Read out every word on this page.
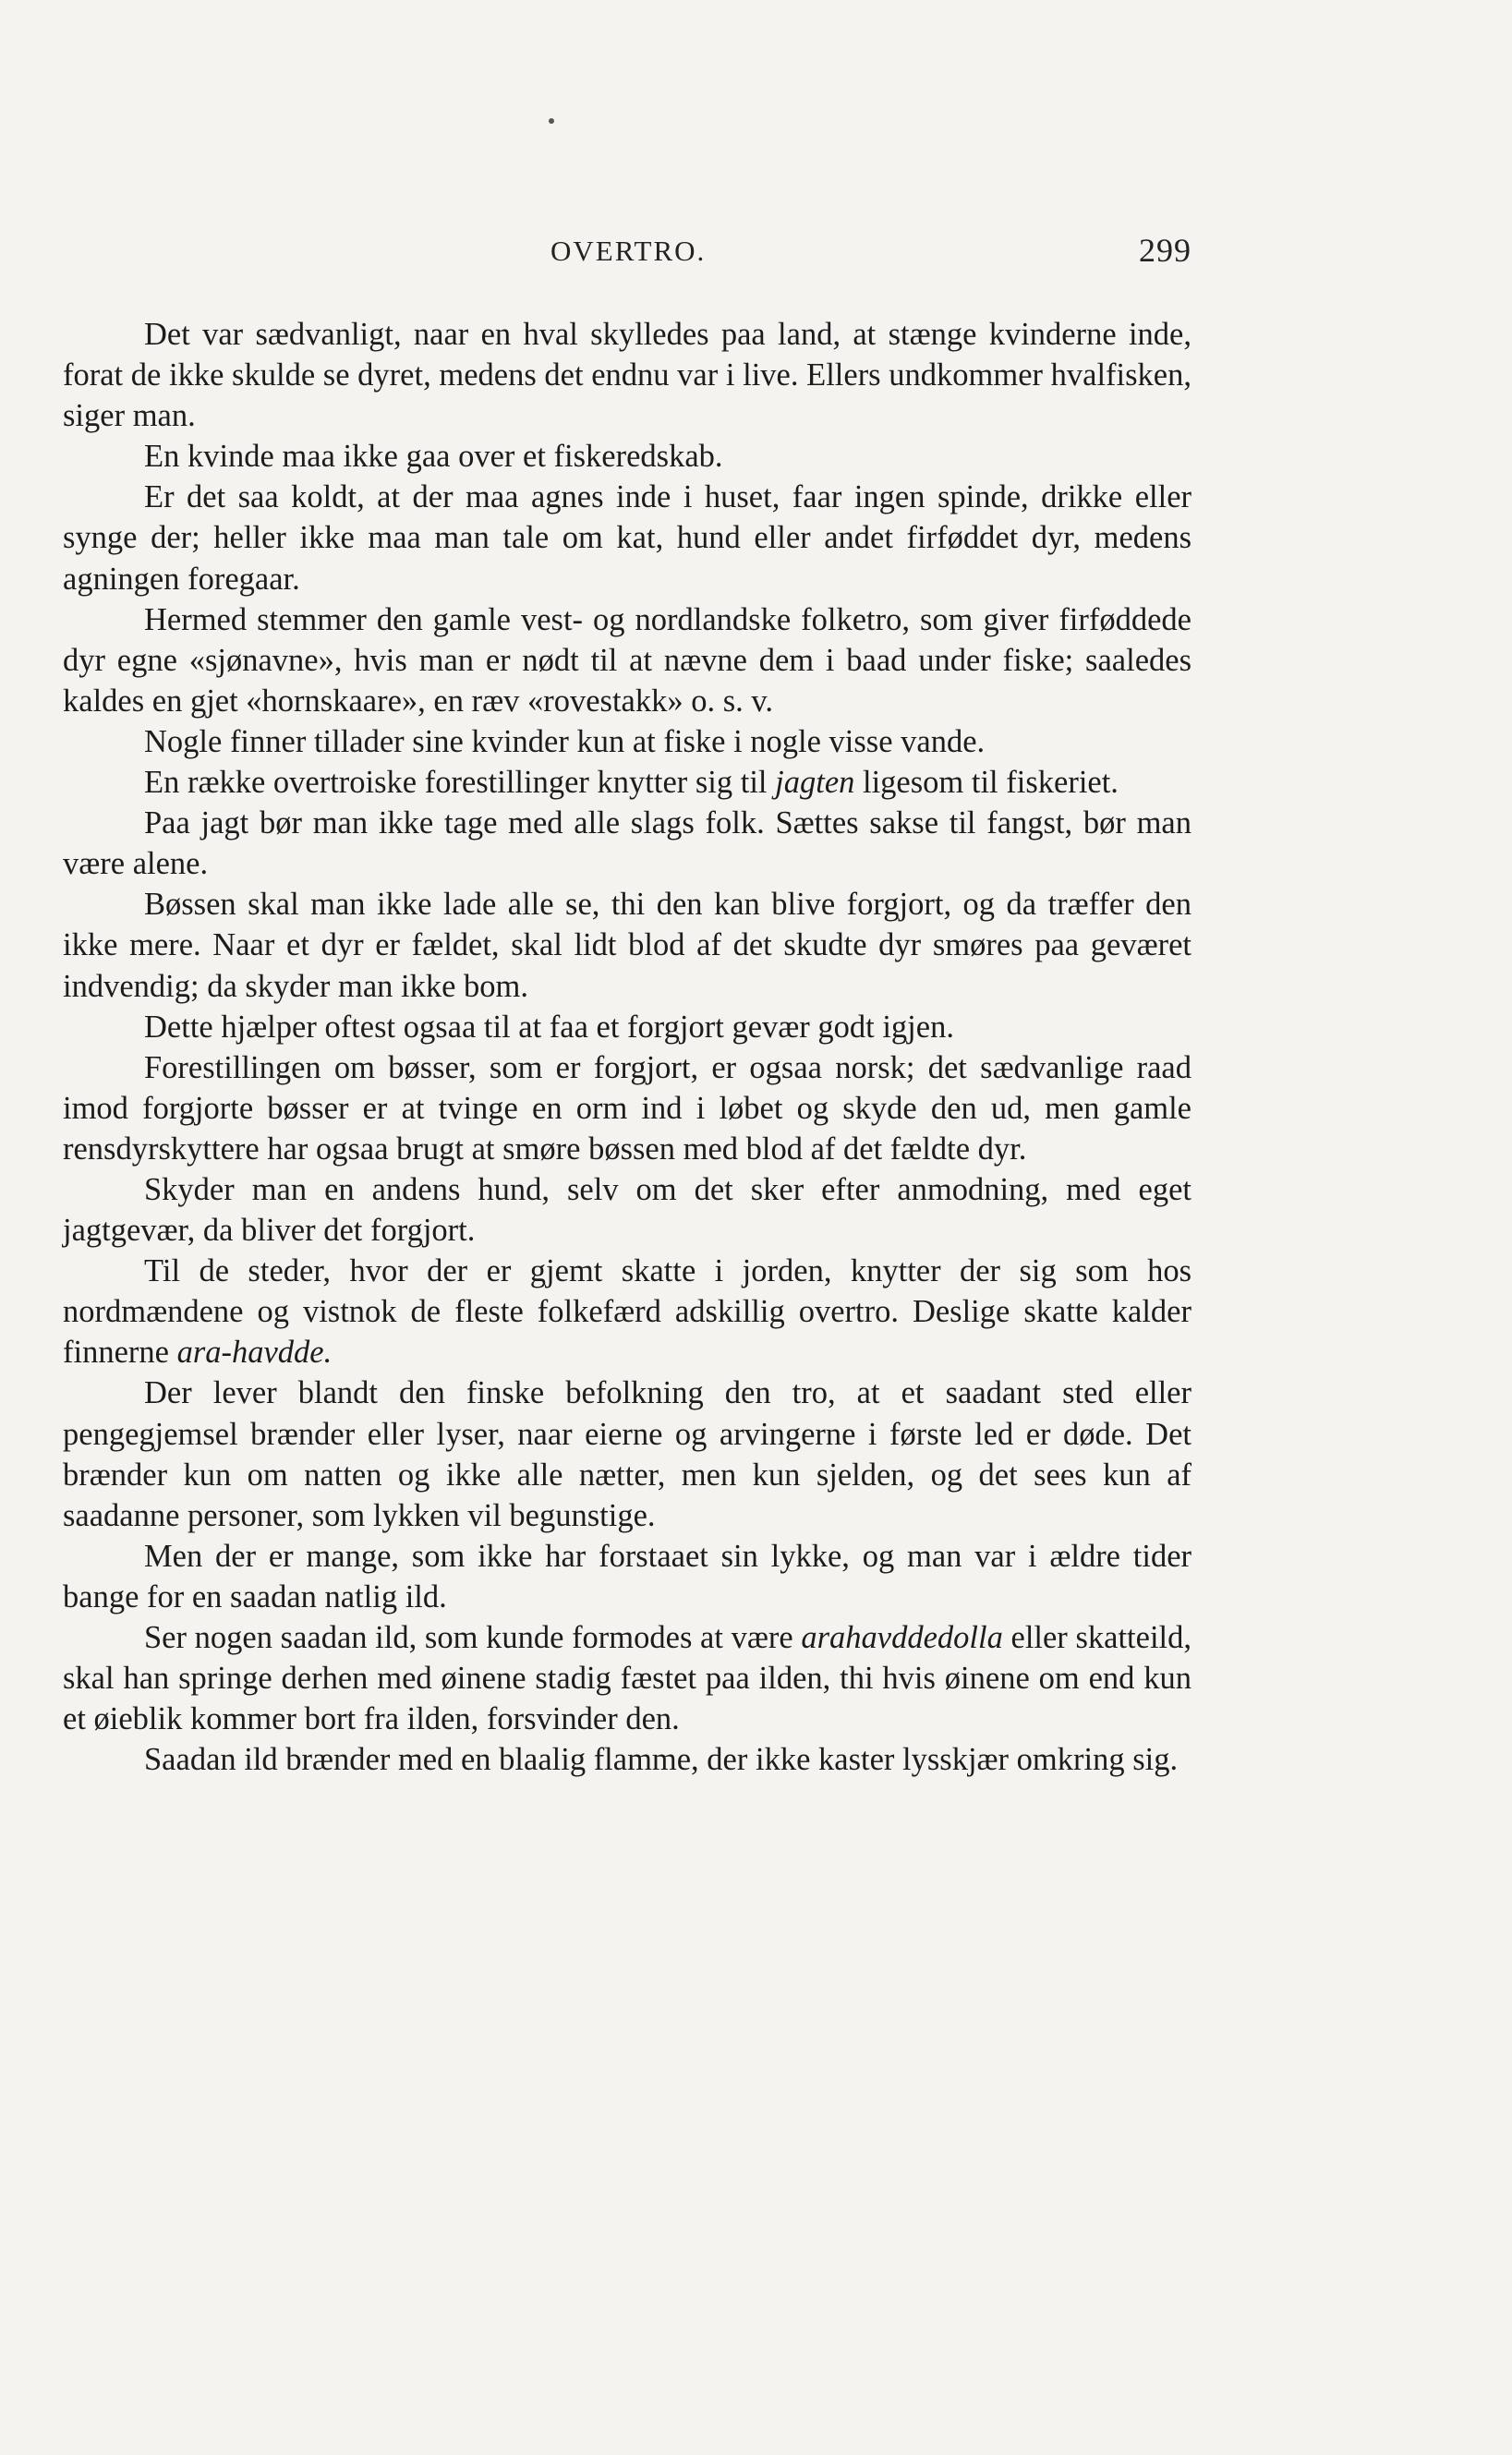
OVERTRO.	299

Det var sædvanligt, naar en hval skylledes paa land, at stænge kvinderne inde, forat de ikke skulde se dyret, medens det endnu var i live. Ellers undkommer hvalfisken, siger man.

En kvinde maa ikke gaa over et fiskeredskab.

Er det saa koldt, at der maa agnes inde i huset, faar ingen spinde, drikke eller synge der; heller ikke maa man tale om kat, hund eller andet firføddet dyr, medens agningen foregaar.

Hermed stemmer den gamle vest- og nordlandske folketro, som giver firføddede dyr egne «sjønavne», hvis man er nødt til at nævne dem i baad under fiske; saaledes kaldes en gjet «hornskaare», en ræv «rovestakk» o. s. v.

Nogle finner tillader sine kvinder kun at fiske i nogle visse vande.

En række overtroiske forestillinger knytter sig til jagten ligesom til fiskeriet.

Paa jagt bør man ikke tage med alle slags folk. Sættes sakse til fangst, bør man være alene.

Bøssen skal man ikke lade alle se, thi den kan blive forgjort, og da træffer den ikke mere. Naar et dyr er fældet, skal lidt blod af det skudte dyr smøres paa geværet indvendig; da skyder man ikke bom.

Dette hjælper oftest ogsaa til at faa et forgjort gevær godt igjen.

Forestillingen om bøsser, som er forgjort, er ogsaa norsk; det sædvanlige raad imod forgjorte bøsser er at tvinge en orm ind i løbet og skyde den ud, men gamle rensdyrskyttere har ogsaa brugt at smøre bøssen med blod af det fældte dyr.

Skyder man en andens hund, selv om det sker efter anmodning, med eget jagtgevær, da bliver det forgjort.

Til de steder, hvor der er gjemt skatte i jorden, knytter der sig som hos nordmændene og vistnok de fleste folkefærd adskillig overtro. Deslige skatte kalder finnerne ara-havdde.

Der lever blandt den finske befolkning den tro, at et saadant sted eller pengegjemsel brænder eller lyser, naar eierne og arvingerne i første led er døde. Det brænder kun om natten og ikke alle nætter, men kun sjelden, og det sees kun af saadanne personer, som lykken vil begunstige.

Men der er mange, som ikke har forstaaet sin lykke, og man var i ældre tider bange for en saadan natlig ild.

Ser nogen saadan ild, som kunde formodes at være arahavddedolla eller skatteild, skal han springe derhen med øinene stadig fæstet paa ilden, thi hvis øinene om end kun et øieblik kommer bort fra ilden, forsvinder den.

Saadan ild brænder med en blaalig flamme, der ikke kaster lysskjær omkring sig.
